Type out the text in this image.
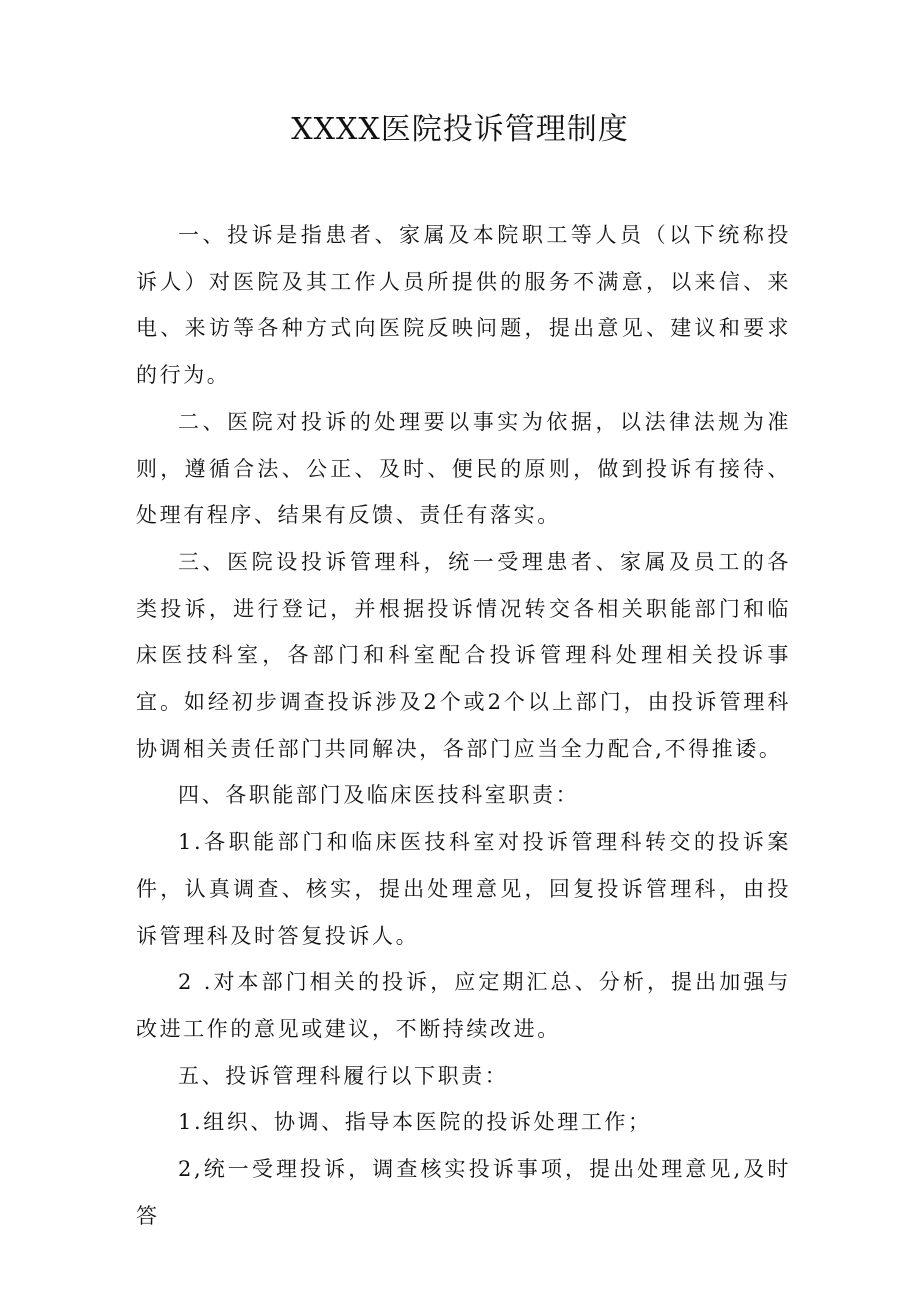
XXXX医院投诉管理制度

一、投诉是指患者、家属及本院职工等人员（以下统称投诉人）对医院及其工作人员所提供的服务不满意，以来信、来电、来访等各种方式向医院反映问题，提出意见、建议和要求的行为。

二、医院对投诉的处理要以事实为依据，以法律法规为准则，遵循合法、公正、及时、便民的原则，做到投诉有接待、处理有程序、结果有反馈、责任有落实。

三、医院设投诉管理科，统一受理患者、家属及员工的各类投诉，进行登记，并根据投诉情况转交各相关职能部门和临床医技科室，各部门和科室配合投诉管理科处理相关投诉事宜。如经初步调查投诉涉及2个或2个以上部门，由投诉管理科协调相关责任部门共同解决，各部门应当全力配合,不得推诿。

四、各职能部门及临床医技科室职责：

1.各职能部门和临床医技科室对投诉管理科转交的投诉案件，认真调查、核实，提出处理意见，回复投诉管理科，由投诉管理科及时答复投诉人。

2 .对本部门相关的投诉，应定期汇总、分析，提出加强与改进工作的意见或建议，不断持续改进。

五、投诉管理科履行以下职责：

1.组织、协调、指导本医院的投诉处理工作；

2,统一受理投诉，调查核实投诉事项，提出处理意见,及时答
